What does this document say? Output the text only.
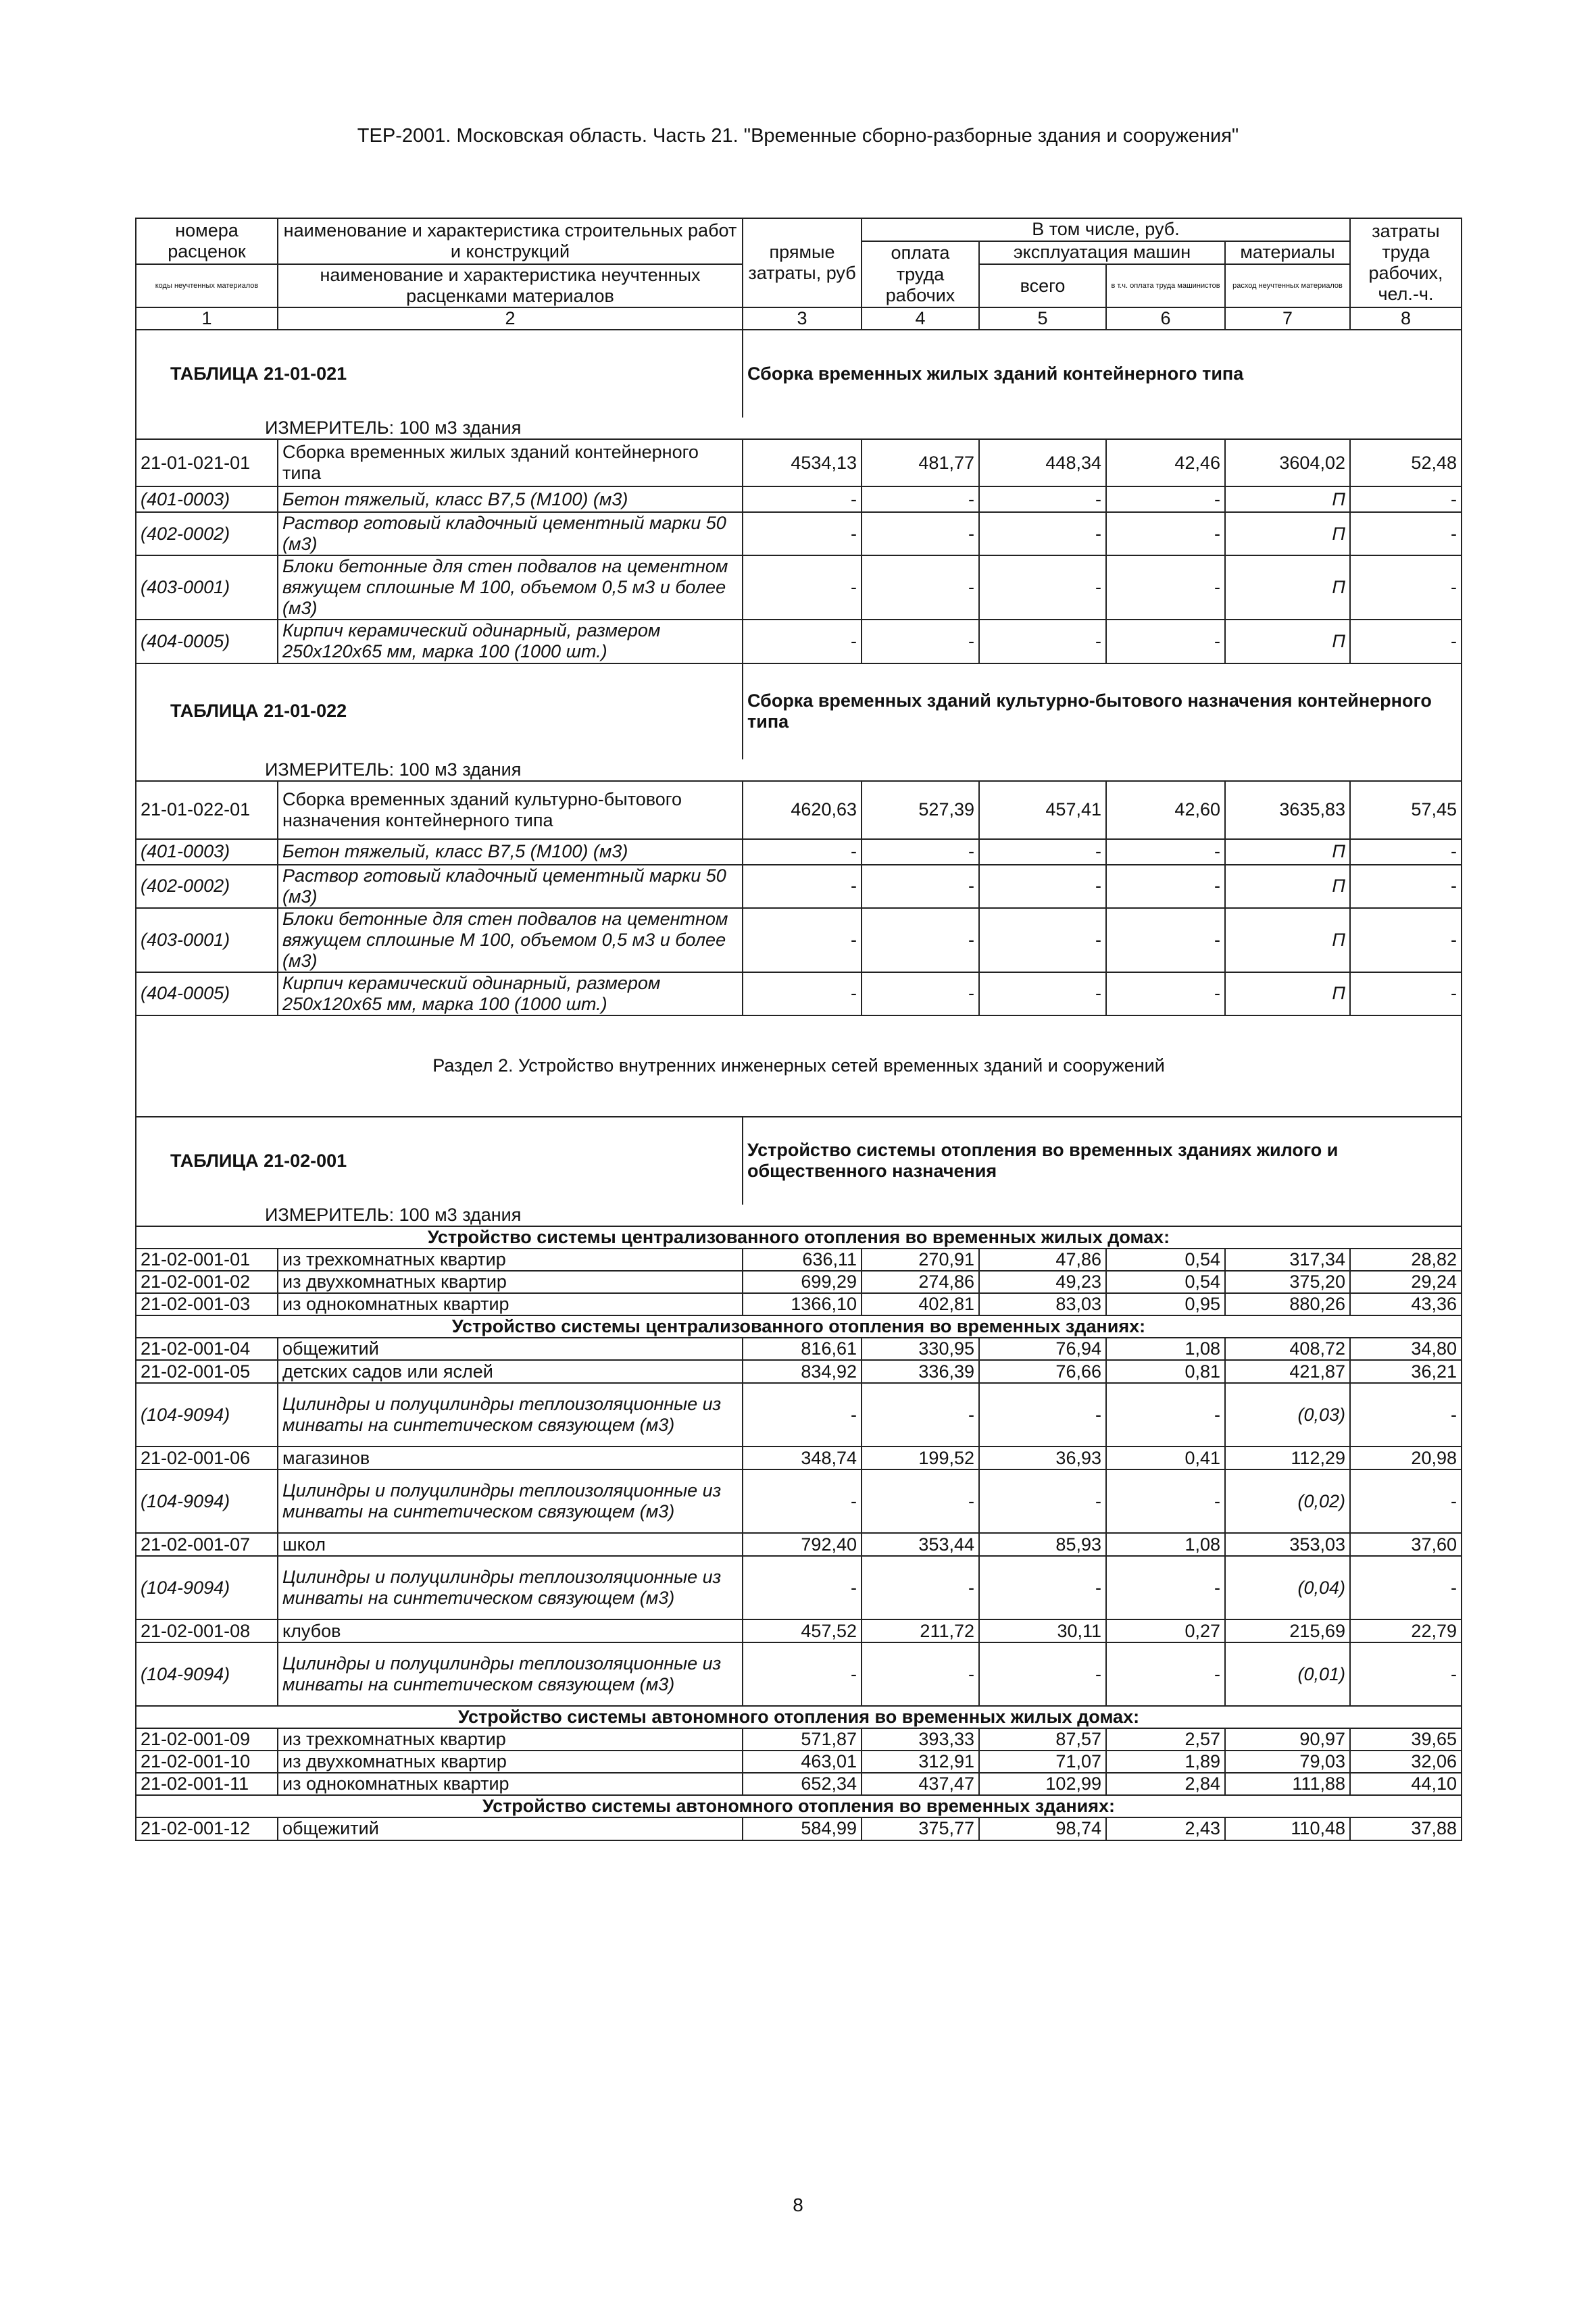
ТЕР-2001. Московская область. Часть 21. "Временные сборно-разборные здания и сооружения"
номера расценок	наименование и характеристика строительных работ и конструкций	прямые затраты, руб	В том числе, руб.				затраты труда рабочих, чел.-ч.
			оплата труда рабочих	эксплуатация машин		материалы	
коды неучтенных материалов	наименование и характеристика неучтенных расценками материалов			всего	в т.ч. оплата труда машинистов	расход неучтенных материалов	
1	2	3	4	5	6	7	8
ТАБЛИЦА 21-01-021		Сборка временных жилых зданий контейнерного типа					
ИЗМЕРИТЕЛЬ: 100 м3 здания							
21-01-021-01	Сборка временных жилых зданий контейнерного типа	4534,13	481,77	448,34	42,46	3604,02	52,48
(401-0003)	Бетон тяжелый, класс В7,5 (М100) (м3)	-	-	-	-	П	-
(402-0002)	Раствор готовый кладочный цементный марки 50 (м3)	-	-	-	-	П	-
(403-0001)	Блоки бетонные для стен подвалов на цементном вяжущем сплошные М 100, объемом 0,5 м3 и более (м3)	-	-	-	-	П	-
(404-0005)	Кирпич керамический одинарный, размером 250х120х65 мм, марка 100 (1000 шт.)	-	-	-	-	П	-
ТАБЛИЦА 21-01-022		Сборка временных зданий культурно-бытового назначения контейнерного типа					
ИЗМЕРИТЕЛЬ: 100 м3 здания							
21-01-022-01	Сборка временных зданий культурно-бытового назначения контейнерного типа	4620,63	527,39	457,41	42,60	3635,83	57,45
(401-0003)	Бетон тяжелый, класс В7,5 (М100) (м3)	-	-	-	-	П	-
(402-0002)	Раствор готовый кладочный цементный марки 50 (м3)	-	-	-	-	П	-
(403-0001)	Блоки бетонные для стен подвалов на цементном вяжущем сплошные М 100, объемом 0,5 м3 и более (м3)	-	-	-	-	П	-
(404-0005)	Кирпич керамический одинарный, размером 250х120х65 мм, марка 100 (1000 шт.)	-	-	-	-	П	-
Раздел 2. Устройство внутренних инженерных сетей временных зданий и сооружений							
ТАБЛИЦА 21-02-001		Устройство системы отопления во временных зданиях жилого и общественного назначения					
ИЗМЕРИТЕЛЬ: 100 м3 здания							
Устройство системы централизованного отопления во временных жилых домах:							
21-02-001-01	из трехкомнатных квартир	636,11	270,91	47,86	0,54	317,34	28,82
21-02-001-02	из двухкомнатных квартир	699,29	274,86	49,23	0,54	375,20	29,24
21-02-001-03	из однокомнатных квартир	1366,10	402,81	83,03	0,95	880,26	43,36
Устройство системы централизованного отопления во временных зданиях:							
21-02-001-04	общежитий	816,61	330,95	76,94	1,08	408,72	34,80
21-02-001-05	детских садов или яслей	834,92	336,39	76,66	0,81	421,87	36,21
(104-9094)	Цилиндры и полуцилиндры теплоизоляционные из минваты на синтетическом связующем (м3)	-	-	-	-	(0,03)	-
21-02-001-06	магазинов	348,74	199,52	36,93	0,41	112,29	20,98
(104-9094)	Цилиндры и полуцилиндры теплоизоляционные из минваты на синтетическом связующем (м3)	-	-	-	-	(0,02)	-
21-02-001-07	школ	792,40	353,44	85,93	1,08	353,03	37,60
(104-9094)	Цилиндры и полуцилиндры теплоизоляционные из минваты на синтетическом связующем (м3)	-	-	-	-	(0,04)	-
21-02-001-08	клубов	457,52	211,72	30,11	0,27	215,69	22,79
(104-9094)	Цилиндры и полуцилиндры теплоизоляционные из минваты на синтетическом связующем (м3)	-	-	-	-	(0,01)	-
Устройство системы автономного отопления во временных жилых домах:							
21-02-001-09	из трехкомнатных квартир	571,87	393,33	87,57	2,57	90,97	39,65
21-02-001-10	из двухкомнатных квартир	463,01	312,91	71,07	1,89	79,03	32,06
21-02-001-11	из однокомнатных квартир	652,34	437,47	102,99	2,84	111,88	44,10
Устройство системы автономного отопления во временных зданиях:							
21-02-001-12	общежитий	584,99	375,77	98,74	2,43	110,48	37,88
8
